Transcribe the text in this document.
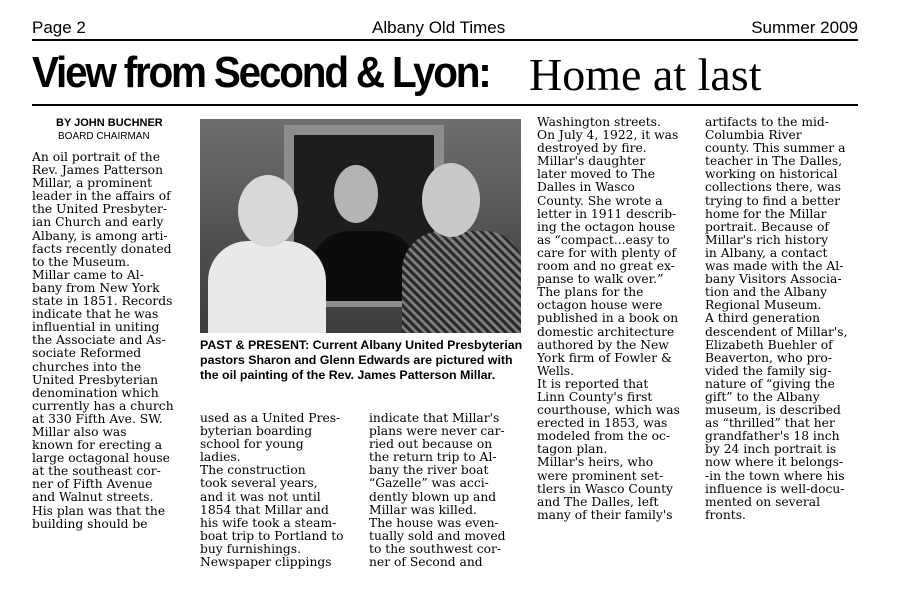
Page 2	Albany Old Times	Summer 2009
View from Second & Lyon: Home at last
BY JOHN BUCHNER
BOARD CHAIRMAN
An oil portrait of the
Rev. James Patterson
Millar, a prominent
leader in the affairs of
the United Presbyter-
ian Church and early
Albany, is among arti-
facts recently donated
to the Museum.
Millar came to Al-
bany from New York
state in 1851. Records
indicate that he was
influential in uniting
the Associate and As-
sociate Reformed
churches into the
United Presbyterian
denomination which
currently has a church
at 330 Fifth Ave. SW.
Millar also was
known for erecting a
large octagonal house
at the southeast cor-
ner of Fifth Avenue
and Walnut streets.
His plan was that the
building should be
PAST & PRESENT: Current Albany United Presbyterian pastors Sharon and Glenn Edwards are pictured with the oil painting of the Rev. James Patterson Millar.
used as a United Pres-
byterian boarding
school for young
ladies.
The construction
took several years,
and it was not until
1854 that Millar and
his wife took a steam-
boat trip to Portland to
buy furnishings.
Newspaper clippings
indicate that Millar's
plans were never car-
ried out because on
the return trip to Al-
bany the river boat
“Gazelle” was acci-
dently blown up and
Millar was killed.
The house was even-
tually sold and moved
to the southwest cor-
ner of Second and
Washington streets.
On July 4, 1922, it was
destroyed by fire.
Millar's daughter
later moved to The
Dalles in Wasco
County. She wrote a
letter in 1911 describ-
ing the octagon house
as “compact...easy to
care for with plenty of
room and no great ex-
panse to walk over.”
The plans for the
octagon house were
published in a book on
domestic architecture
authored by the New
York firm of Fowler &
Wells.
It is reported that
Linn County's first
courthouse, which was
erected in 1853, was
modeled from the oc-
tagon plan.
Millar's heirs, who
were prominent set-
tlers in Wasco County
and The Dalles, left
many of their family's
artifacts to the mid-
Columbia River
county. This summer a
teacher in The Dalles,
working on historical
collections there, was
trying to find a better
home for the Millar
portrait. Because of
Millar's rich history
in Albany, a contact
was made with the Al-
bany Visitors Associa-
tion and the Albany
Regional Museum.
A third generation
descendent of Millar's,
Elizabeth Buehler of
Beaverton, who pro-
vided the family sig-
nature of “giving the
gift” to the Albany
museum, is described
as “thrilled” that her
grandfather's 18 inch
by 24 inch portrait is
now where it belongs-
-in the town where his
influence is well-docu-
mented on several
fronts.
